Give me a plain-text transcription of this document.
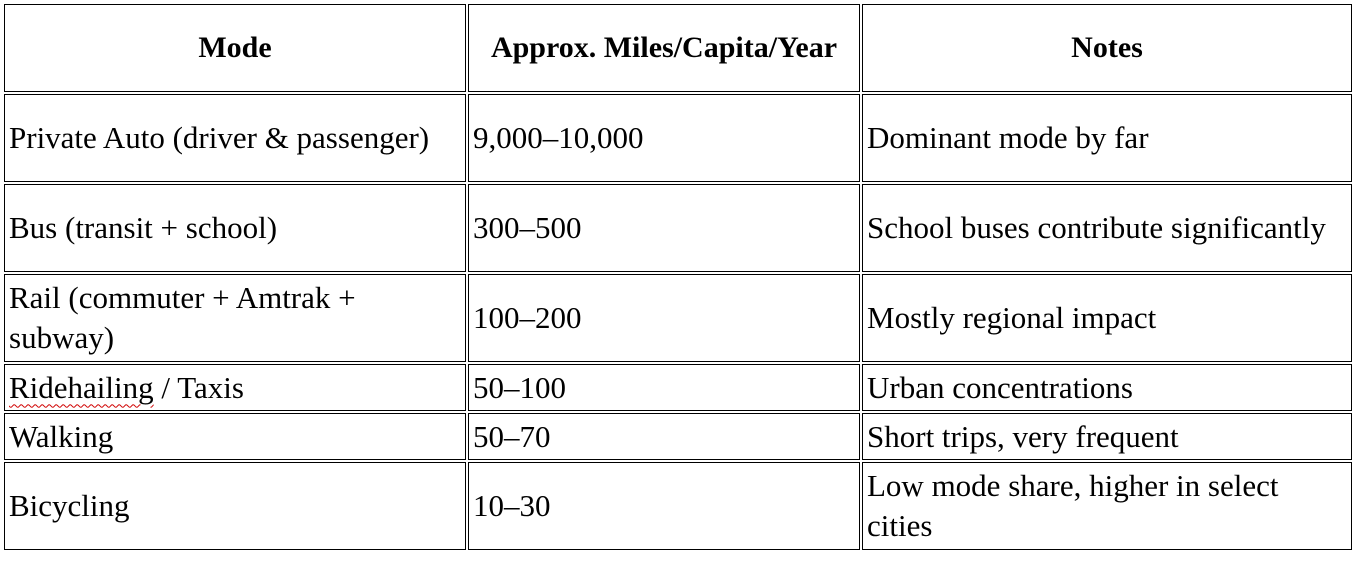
Mode	Approx. Miles/Capita/Year	Notes
Private Auto (driver & passenger)	9,000–10,000	Dominant mode by far
Bus (transit + school)	300–500	School buses contribute significantly
Rail (commuter + Amtrak + subway)	100–200	Mostly regional impact
Ridehailing / Taxis	50–100	Urban concentrations
Walking	50–70	Short trips, very frequent
Bicycling	10–30	Low mode share, higher in select cities
